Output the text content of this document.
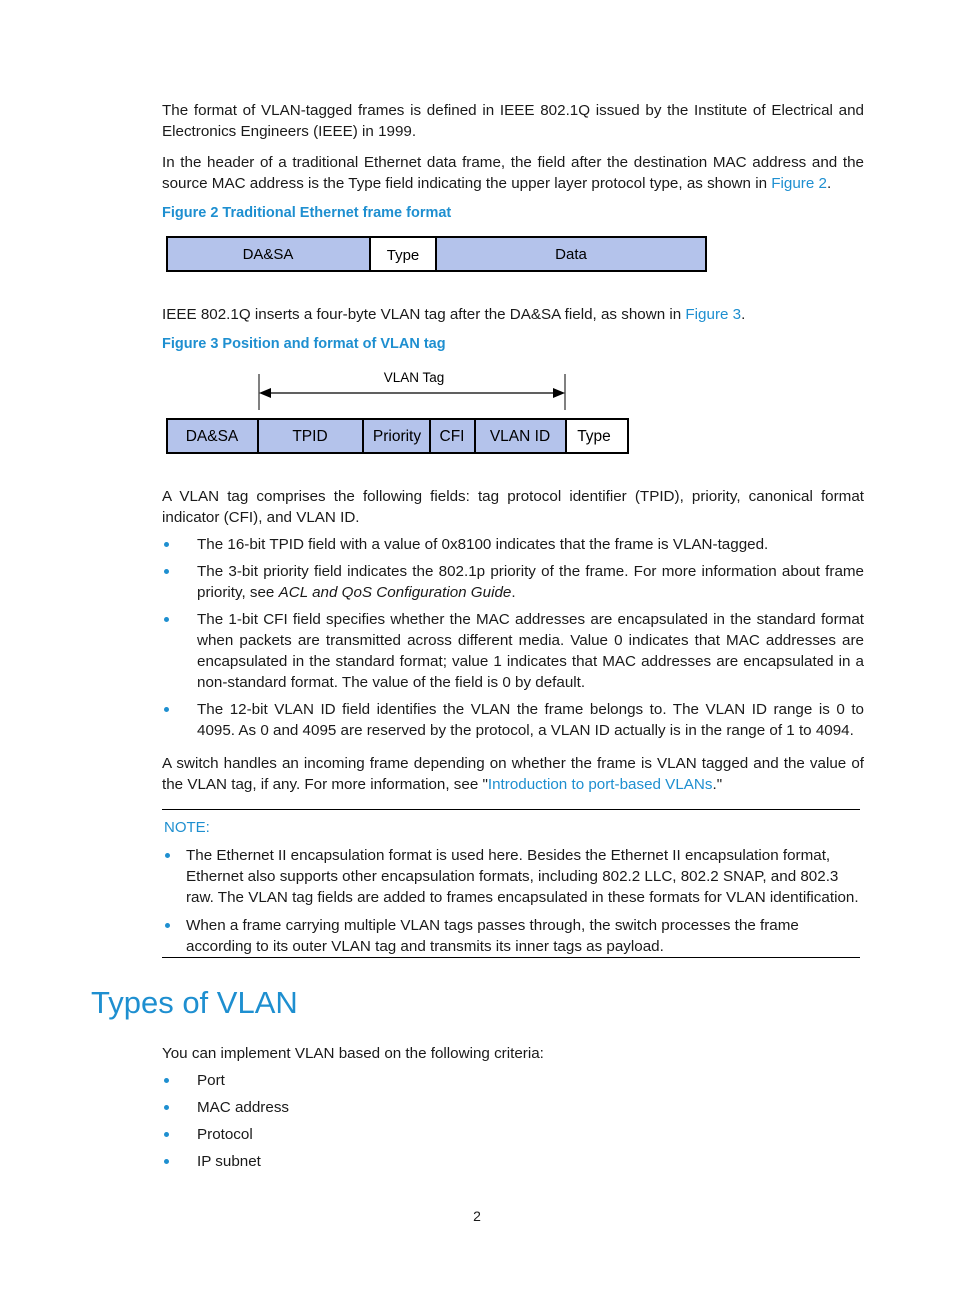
The format of VLAN-tagged frames is defined in IEEE 802.1Q issued by the Institute of Electrical and Electronics Engineers (IEEE) in 1999.

In the header of a traditional Ethernet data frame, the field after the destination MAC address and the source MAC address is the Type field indicating the upper layer protocol type, as shown in Figure 2.

Figure 2 Traditional Ethernet frame format

IEEE 802.1Q inserts a four-byte VLAN tag after the DA&SA field, as shown in Figure 3.

Figure 3 Position and format of VLAN tag

A VLAN tag comprises the following fields: tag protocol identifier (TPID), priority, canonical format indicator (CFI), and VLAN ID.

The 16-bit TPID field with a value of 0x8100 indicates that the frame is VLAN-tagged.
The 3-bit priority field indicates the 802.1p priority of the frame. For more information about frame priority, see ACL and QoS Configuration Guide.
The 1-bit CFI field specifies whether the MAC addresses are encapsulated in the standard format when packets are transmitted across different media. Value 0 indicates that MAC addresses are encapsulated in the standard format; value 1 indicates that MAC addresses are encapsulated in a non-standard format. The value of the field is 0 by default.
The 12-bit VLAN ID field identifies the VLAN the frame belongs to. The VLAN ID range is 0 to 4095. As 0 and 4095 are reserved by the protocol, a VLAN ID actually is in the range of 1 to 4094.

A switch handles an incoming frame depending on whether the frame is VLAN tagged and the value of the VLAN tag, if any. For more information, see "Introduction to port-based VLANs."

DA&SA	Type	Data
VLAN Tag
DA&SA	TPID	Priority CFI VLAN ID Type

NOTE:

The Ethernet II encapsulation format is used here. Besides the Ethernet II encapsulation format, Ethernet also supports other encapsulation formats, including 802.2 LLC, 802.2 SNAP, and 802.3 raw. The VLAN tag fields are added to frames encapsulated in these formats for VLAN identification.
When a frame carrying multiple VLAN tags passes through, the switch processes the frame according to its outer VLAN tag and transmits its inner tags as payload.
Types of VLAN

You can implement VLAN based on the following criteria:

Port
MAC address
Protocol
IP subnet

2
